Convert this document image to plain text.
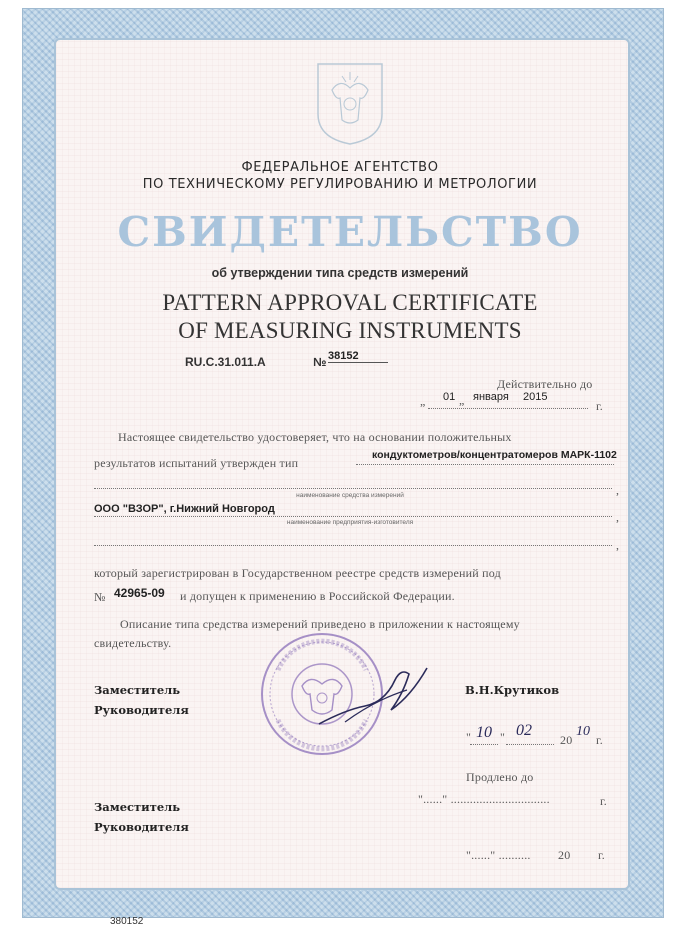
ФЕДЕРАЛЬНОЕ АГЕНТСТВО
ПО ТЕХНИЧЕСКОМУ РЕГУЛИРОВАНИЮ И МЕТРОЛОГИИ
СВИДЕТЕЛЬСТВО
об утверждении типа средств измерений
PATTERN APPROVAL CERTIFICATE
OF MEASURING INSTRUMENTS
RU.C.31.011.A	№ 38152
Действительно до
„ 01 „ января 2015
г.
Настоящее свидетельство удостоверяет, что на основании положительных
результатов испытаний утвержден тип
кондуктометров/концентратомеров МАРК-1102
,
наименование средства измерений
ООО "ВЗОР", г.Нижний Новгород
,
наименование предприятия-изготовителя
,
который зарегистрирован в Государственном реестре средств измерений под
№ 42965-09 и допущен к применению в Российской Федерации.
Описание типа средства измерений приведено в приложении к настоящему
свидетельству.
Заместитель
Руководителя
В.Н.Крутиков
" 10 " 02
20
10
г.
Продлено до
"......" ...............................	г.
Заместитель
Руководителя
"......" .......... 20 г.
380152
